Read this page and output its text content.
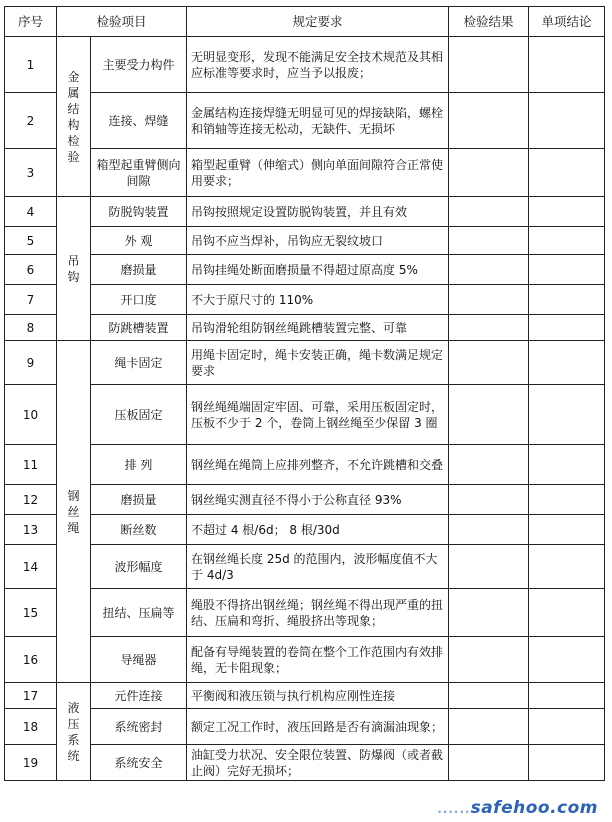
序号	检验项目		规定要求	检验结果	单项结论
1	金属结构检验	主要受力构件	无明显变形，发现不能满足安全技术规范及其相应标准等要求时，应当予以报废；		
2		连接、焊缝	金属结构连接焊缝无明显可见的焊接缺陷，螺栓和销轴等连接无松动，无缺件、无损坏		
3		箱型起重臂侧向间隙	箱型起重臂（伸缩式）侧向单面间隙符合正常使用要求；		
4	吊钩	防脱钩装置	吊钩按照规定设置防脱钩装置，并且有效		
5		外 观	吊钩不应当焊补，吊钩应无裂纹坡口		
6		磨损量	吊钩挂绳处断面磨损量不得超过原高度 5%		
7		开口度	不大于原尺寸的 110%		
8		防跳槽装置	吊钩滑轮组防钢丝绳跳槽装置完整、可靠		
9	钢丝绳	绳卡固定	用绳卡固定时，绳卡安装正确，绳卡数满足规定要求		
10		压板固定	钢丝绳绳端固定牢固、可靠，采用压板固定时，压板不少于 2 个，卷筒上钢丝绳至少保留 3 圈		
11		排 列	钢丝绳在绳筒上应排列整齐，不允许跳槽和交叠		
12		磨损量	钢丝绳实测直径不得小于公称直径 93%		
13		断丝数	不超过 4 根/6d； 8 根/30d		
14		波形幅度	在钢丝绳长度 25d 的范围内，波形幅度值不大于 4d/3		
15		扭结、压扁等	绳股不得挤出钢丝绳；钢丝绳不得出现严重的扭结、压扁和弯折、绳股挤出等现象；		
16		导绳器	配备有导绳装置的卷筒在整个工作范围内有效排绳，无卡阻现象；		
17	液压系统	元件连接	平衡阀和液压锁与执行机构应刚性连接		
18		系统密封	额定工况工作时，液压回路是否有滴漏油现象；		
19		系统安全	油缸受力状况、安全限位装置、防爆阀（或者截止阀）完好无损坏；		
......safehoo.com
